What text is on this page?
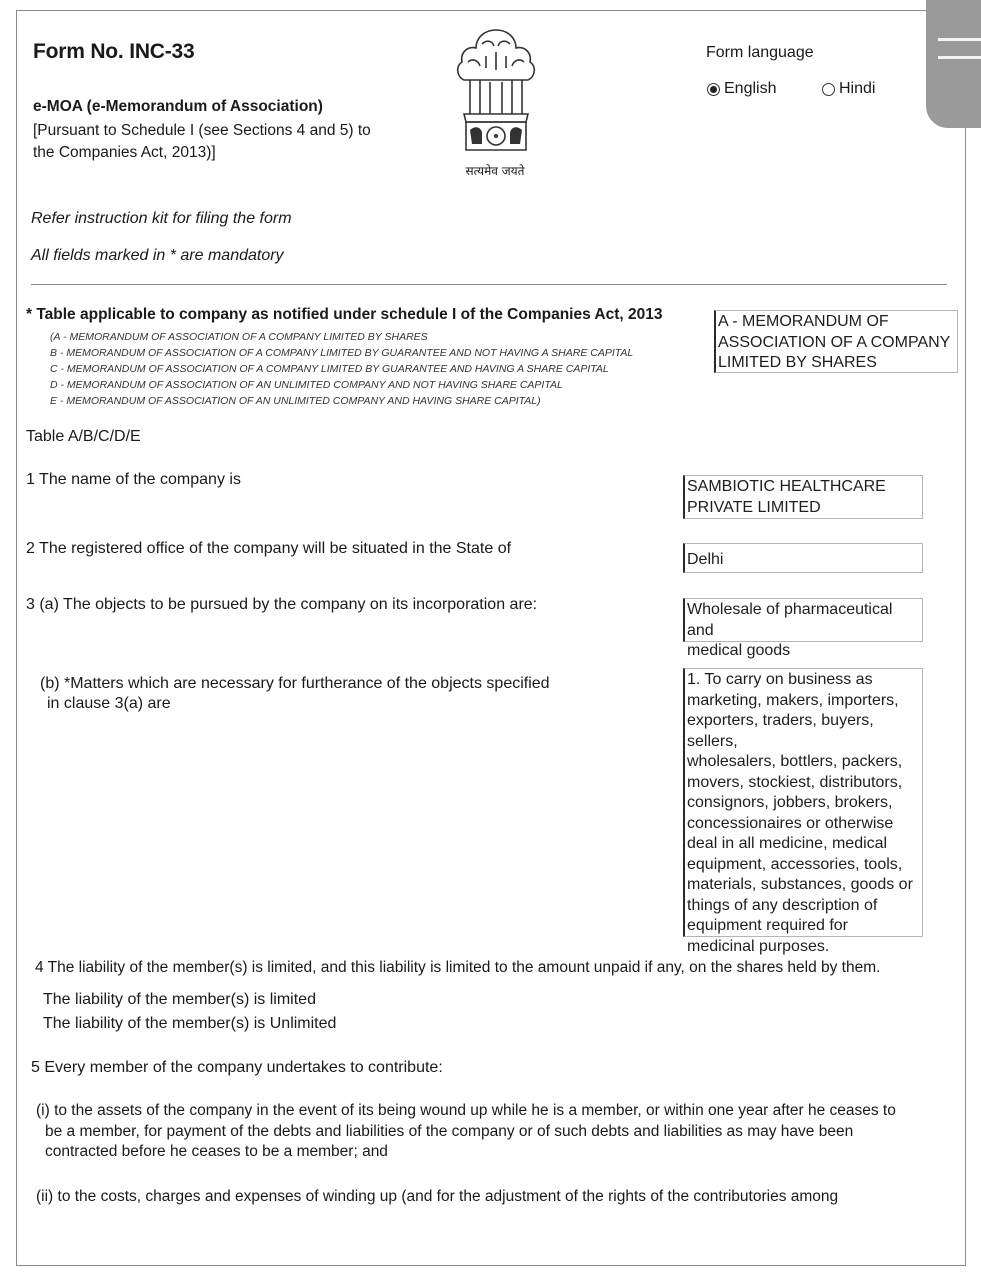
Form No. INC-33
e-MOA (e-Memorandum of Association)
[Pursuant to Schedule I (see Sections 4 and 5) to
the Companies Act, 2013)]
सत्यमेव जयते
Form language
English	Hindi
Refer instruction kit for filing the form
All fields marked in * are mandatory
* Table applicable to company as notified under schedule I of the Companies Act, 2013
(A - MEMORANDUM OF ASSOCIATION OF A COMPANY LIMITED BY SHARES
B - MEMORANDUM OF ASSOCIATION OF A COMPANY LIMITED BY GUARANTEE AND NOT HAVING A SHARE CAPITAL
C - MEMORANDUM OF ASSOCIATION OF A COMPANY LIMITED BY GUARANTEE AND HAVING A SHARE CAPITAL
D - MEMORANDUM OF ASSOCIATION OF AN UNLIMITED COMPANY AND NOT HAVING SHARE CAPITAL
E - MEMORANDUM OF ASSOCIATION OF AN UNLIMITED COMPANY AND HAVING SHARE CAPITAL)
A - MEMORANDUM OF
ASSOCIATION OF A COMPANY
LIMITED BY SHARES
Table A/B/C/D/E
1 The name of the company is	SAMBIOTIC HEALTHCARE
PRIVATE LIMITED
2 The registered office of the company will be situated in the State of
Delhi
3 (a) The objects to be pursued by the company on its incorporation are:	Wholesale of pharmaceutical and
medical goods
(b) *Matters which are necessary for furtherance of the objects specified
in clause 3(a) are
1. To carry on business as
marketing, makers, importers,
exporters, traders, buyers, sellers,
wholesalers, bottlers, packers,
movers, stockiest, distributors,
consignors, jobbers, brokers,
concessionaires or otherwise
deal in all medicine, medical
equipment, accessories, tools,
materials, substances, goods or
things of any description of
equipment required for
medicinal purposes.
4 The liability of the member(s) is limited, and this liability is limited to the amount unpaid if any, on the shares held by them.
The liability of the member(s) is limited
The liability of the member(s) is Unlimited
5 Every member of the company undertakes to contribute:
(i) to the assets of the company in the event of its being wound up while he is a member, or within one year after he ceases to
be a member, for payment of the debts and liabilities of the company or of such debts and liabilities as may have been
contracted before he ceases to be a member; and
(ii) to the costs, charges and expenses of winding up (and for the adjustment of the rights of the contributories among
